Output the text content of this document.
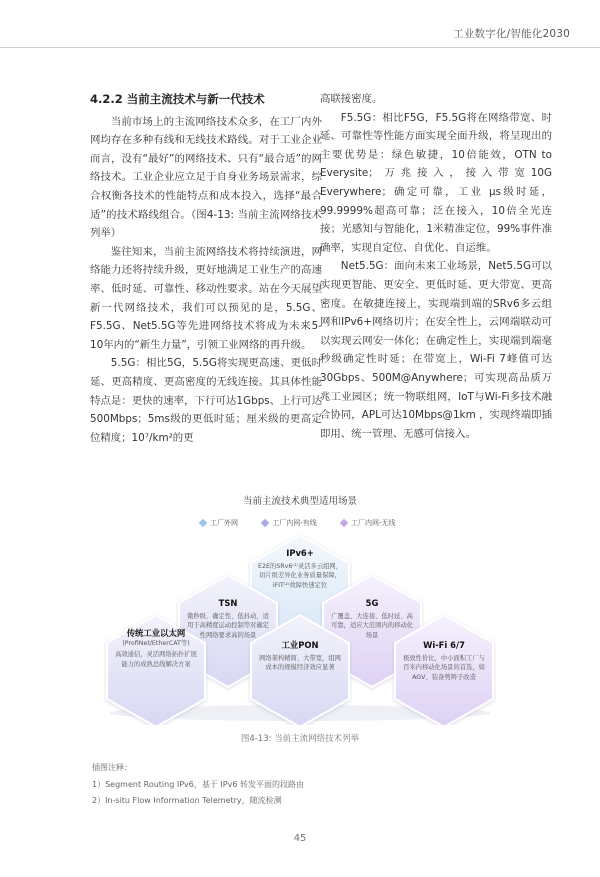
工业数字化/智能化2030
4.2.2 当前主流技术与新一代技术

当前市场上的主流网络技术众多，在工厂内外网均存在多种有线和无线技术路线。对于工业企业而言，没有“最好”的网络技术、只有“最合适”的网络技术。工业企业应立足于自身业务场景需求，综合权衡各技术的性能特点和成本投入，选择“最合适”的技术路线组合。（图4-13: 当前主流网络技术列举）

鉴往知来，当前主流网络技术将持续演进，网络能力还将持续升级，更好地满足工业生产的高速率、低时延、可靠性、移动性要求。站在今天展望新一代网络技术，我们可以预见的是，5.5G、F5.5G、Net5.5G等先进网络技术将成为未来5-10年内的“新生力量”，引领工业网络的再升级。

5.5G：相比5G，5.5G将实现更高速、更低时延、更高精度、更高密度的无线连接。其具体性能特点是：更快的速率，下行可达1Gbps、上行可达500Mbps；5ms级的更低时延；厘米级的更高定位精度；10⁷/km²的更

高联接密度。

F5.5G：相比F5G，F5.5G将在网络带宽、时延、可靠性等性能方面实现全面升级，将呈现出的主要优势是：绿色敏捷，10倍能效，OTN to Everysite；万兆接入，接入带宽10G Everywhere；确定可靠，工业 μs级时延，99.9999%超高可靠；泛在接入，10倍全光连接；光感知与智能化，1米精准定位，99%事件准确率，实现自定位、自优化、自运维。

Net5.5G：面向未来工业场景，Net5.5G可以实现更智能、更安全、更低时延、更大带宽、更高密度。在敏捷连接上，实现端到端的SRv6多云组网和IPv6+网络切片；在安全性上，云网端联动可以实现云网安一体化；在确定性上，实现端到端毫秒级确定性时延；在带宽上，Wi-Fi 7峰值可达30Gbps、500M@Anywhere；可实现高品质万兆工业园区；统一物联组网，IoT与Wi-Fi多技术融合协同，APL可达10Mbps@1km ，实现终端即插即用、统一管理、无感可信接入。

当前主流技术典型适用场景
工厂外网
	工厂内网-有线
	工厂内网-无线
IPv6+
E2E的SRv6⁽¹⁾灵活多云组网，切片级差异化业务质量保障，iFIT⁽²⁾故障快速定位
TSN
微秒级、确定性、低抖动，适用于高精度运动控制等对确定性网络要求高的场景
5G
广覆盖、大连接、低时延、高可靠，适应大范围内的移动化场景
传统工业以太网
(ProfiNet/EtherCAT等)
高效通信，灵活网络拓扑扩展能力的成熟总线解决方案
工业PON
网络架构精简、大带宽，组网成本的规模经济效应显著
Wi-Fi 6/7
极致性价比，中小面积工厂与百米内移动化场景的首选，如AGV、装备剪辫子改造
图4-13: 当前主流网络技术列举
插图注释：
1）Segment Routing IPv6，基于 IPv6 转发平面的段路由
2）In-situ Flow Information Telemetry，随流检测
45
